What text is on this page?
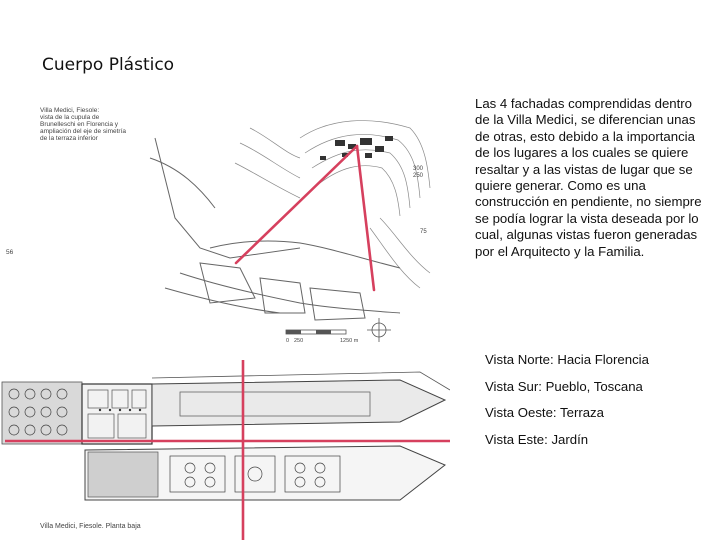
Cuerpo Plástico
Las 4 fachadas comprendidas dentro de la Villa Medici, se diferencian unas de otras, esto debido a la importancia de los lugares a los cuales se quiere resaltar y a las vistas de lugar que se quiere generar. Como es una construcción en pendiente, no siempre se podía lograr la vista deseada por lo cual, algunas vistas fueron generadas por el Arquitecto y la Familia.
Vista Norte: Hacia Florencia
Vista Sur: Pueblo, Toscana
Vista Oeste: Terraza
Vista Este: Jardín
Villa Medici, Fiesole:
vista de la cupula de
Brunelleschi en Florencia y
ampliación del eje de simetría
de la terraza inferior
56
300
250
75
0 250	1250 m
Villa Medici, Fiesole. Planta baja
